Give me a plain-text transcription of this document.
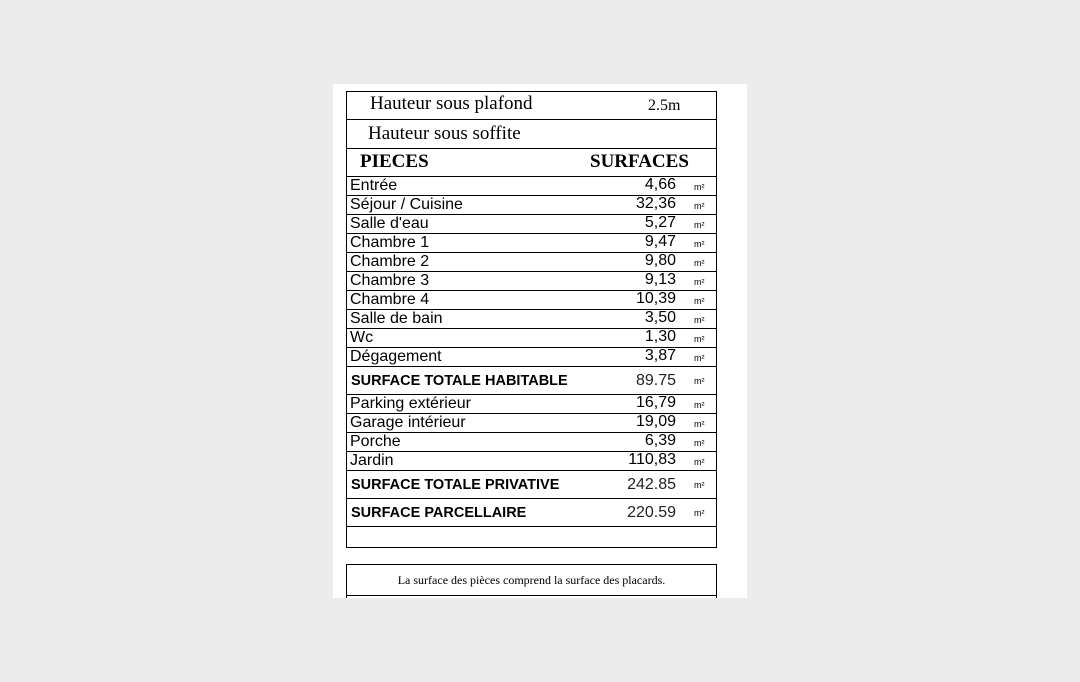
Hauteur sous plafond	2.5m
Hauteur sous soffite
PIECES	SURFACES
Entrée	4,66 m²
Séjour / Cuisine	32,36 m²
Salle d'eau	5,27 m²
Chambre 1	9,47 m²
Chambre 2	9,80 m²
Chambre 3	9,13 m²
Chambre 4	10,39 m²
Salle de bain	3,50 m²
Wc	1,30 m²
Dégagement	3,87 m²
SURFACE TOTALE HABITABLE	89.75 m²
Parking extérieur	16,79 m²
Garage intérieur	19,09 m²
Porche	6,39 m²
Jardin	110,83 m²
SURFACE TOTALE PRIVATIVE	242.85 m²
SURFACE PARCELLAIRE	220.59 m²
La surface des pièces comprend la surface des placards.
